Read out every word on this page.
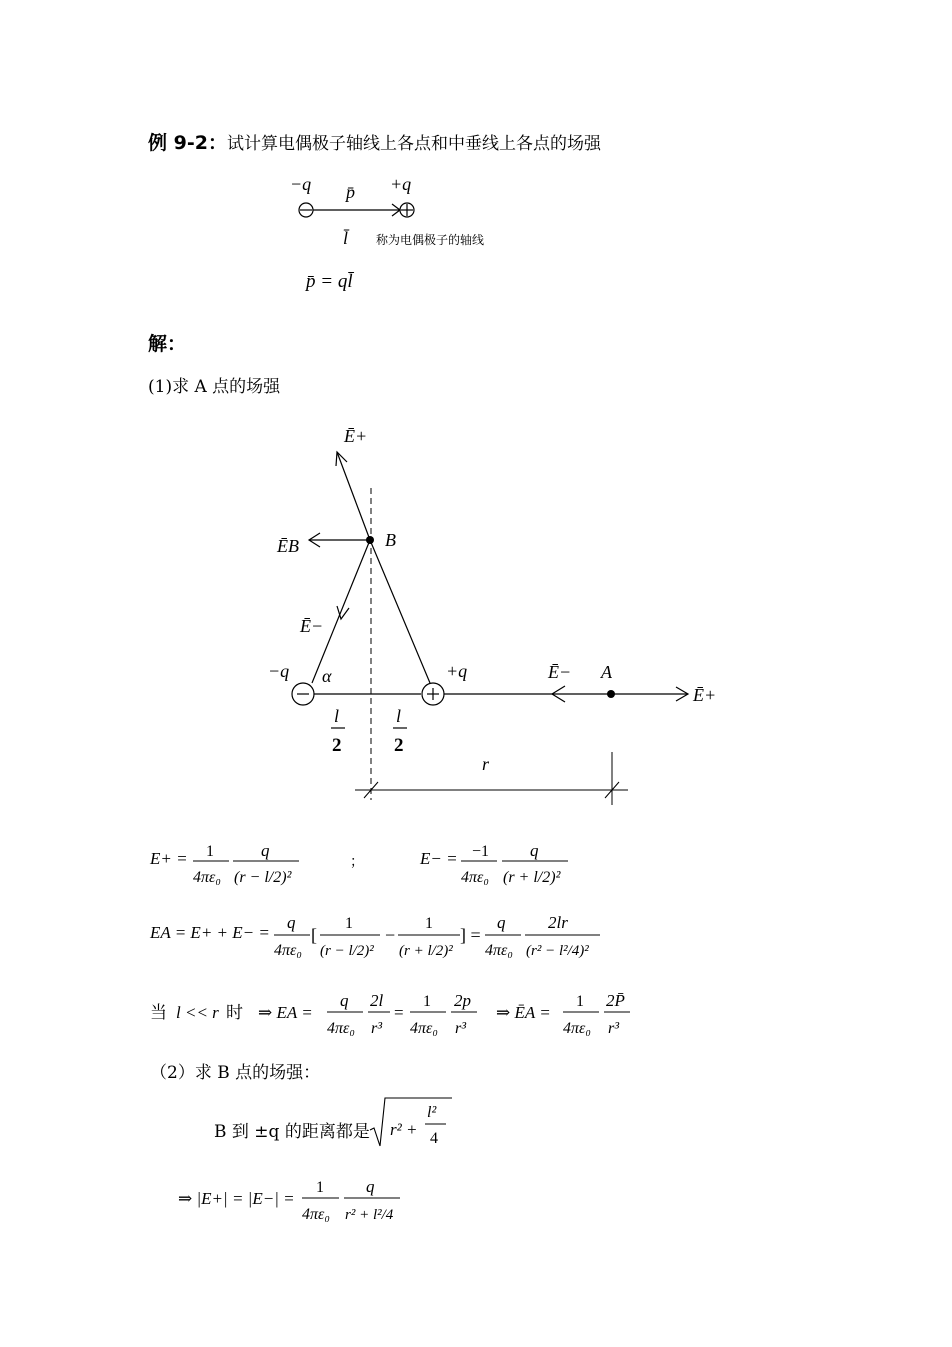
例 9-2：试计算电偶极子轴线上各点和中垂线上各点的场强
−q p̄ +q
l̄ 称为电偶极子的轴线
p̄ = ql̄
解：
(1)求 A 点的场强
Ē+
ĒB	B
Ē−
−q α	+q	Ē− A
Ē+
l
2
l
2
r
E+ = 1
4πε₀
q
(r − l/2)²
；	E− = −1
4πε₀
q
(r + l/2)²
EA = E+ + E− =
q
4πε₀
[
1
(r − l/2)²
−
1
(r + l/2)²
] =
q
4πε₀
2lr
(r² − l²/4)²
当 l << r 时 ⇒ EA =
q
4πε₀
2l
r³
=
1
4πε₀
2p
r³
⇒ ĒA =
1
4πε₀
2P̄
r³
（2）求 B 点的场强：
B 到 ±q 的距离都是 r² +
l²
4
⇒ |E+| = |E−| =
1
4πε₀
q
r² + l²/4
